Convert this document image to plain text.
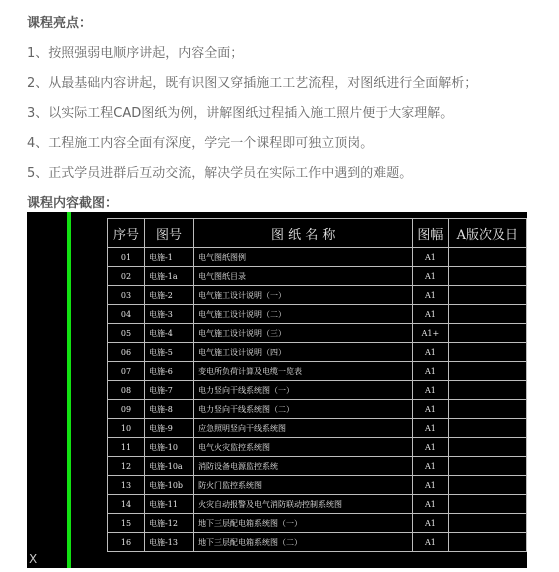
课程亮点：
1、按照强弱电顺序讲起，内容全面；
2、从最基础内容讲起，既有识图又穿插施工工艺流程，对图纸进行全面解析；
3、以实际工程CAD图纸为例，讲解图纸过程插入施工照片便于大家理解。
4、工程施工内容全面有深度，学完一个课程即可独立顶岗。
5、正式学员进群后互动交流，解决学员在实际工作中遇到的难题。
课程内容截图：
X
序号	图号	图 纸 名 称	图幅	A版次及日
01	电施-1	电气图纸图例	A1	
02	电施-1a	电气图纸目录	A1	
03	电施-2	电气施工设计说明（一）	A1	
04	电施-3	电气施工设计说明（二）	A1	
05	电施-4	电气施工设计说明（三）	A1+	
06	电施-5	电气施工设计说明（四）	A1	
07	电施-6	变电所负荷计算及电缆一览表	A1	
08	电施-7	电力竖向干线系统图（一）	A1	
09	电施-8	电力竖向干线系统图（二）	A1	
10	电施-9	应急照明竖向干线系统图	A1	
11	电施-10	电气火灾监控系统图	A1	
12	电施-10a	消防设备电源监控系统	A1	
13	电施-10b	防火门监控系统图	A1	
14	电施-11	火灾自动报警及电气消防联动控制系统图	A1	
15	电施-12	地下三层配电箱系统图（一）	A1	
16	电施-13	地下三层配电箱系统图（二）	A1	
